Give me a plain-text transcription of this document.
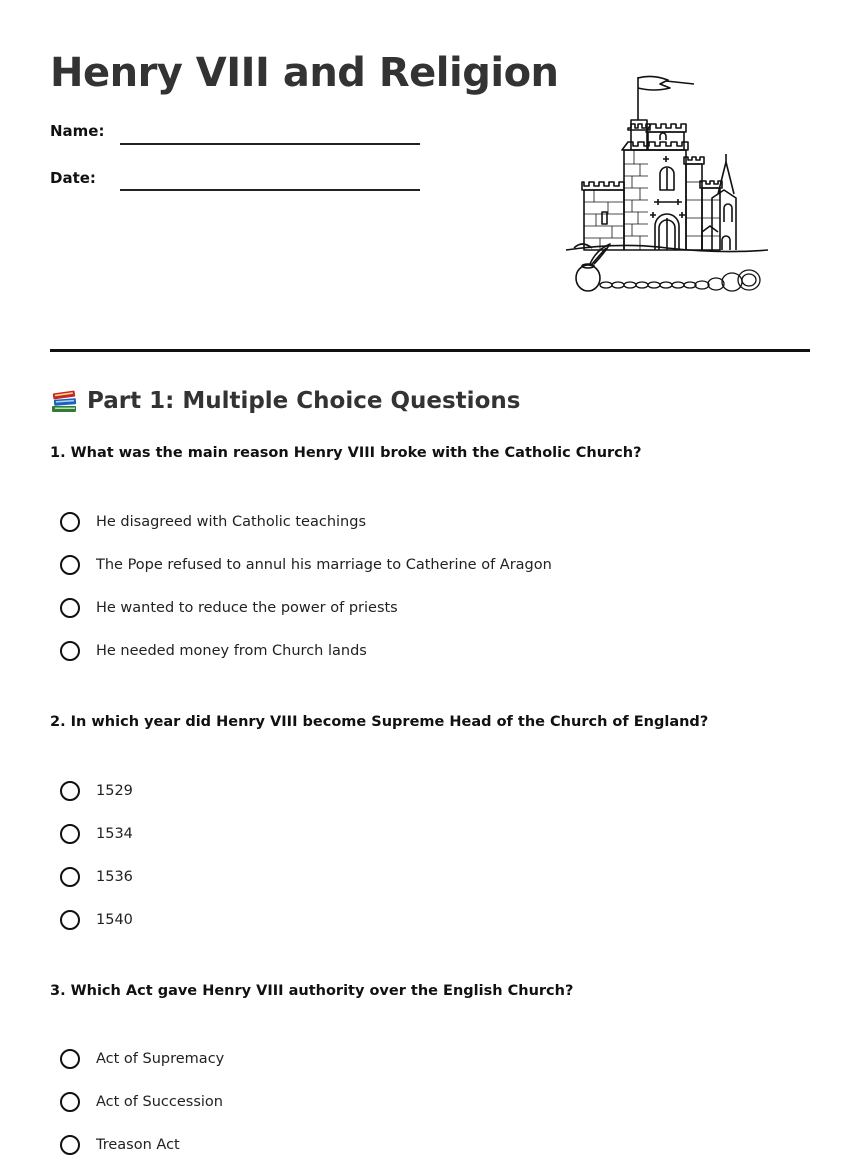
Henry VIII and Religion
Name:
Date:
Part 1: Multiple Choice Questions

1. What was the main reason Henry VIII broke with the Catholic Church?

He disagreed with Catholic teachings
The Pope refused to annul his marriage to Catherine of Aragon
He wanted to reduce the power of priests
He needed money from Church lands

2. In which year did Henry VIII become Supreme Head of the Church of England?

1529
1534
1536
1540

3. Which Act gave Henry VIII authority over the English Church?

Act of Supremacy
Act of Succession
Treason Act
